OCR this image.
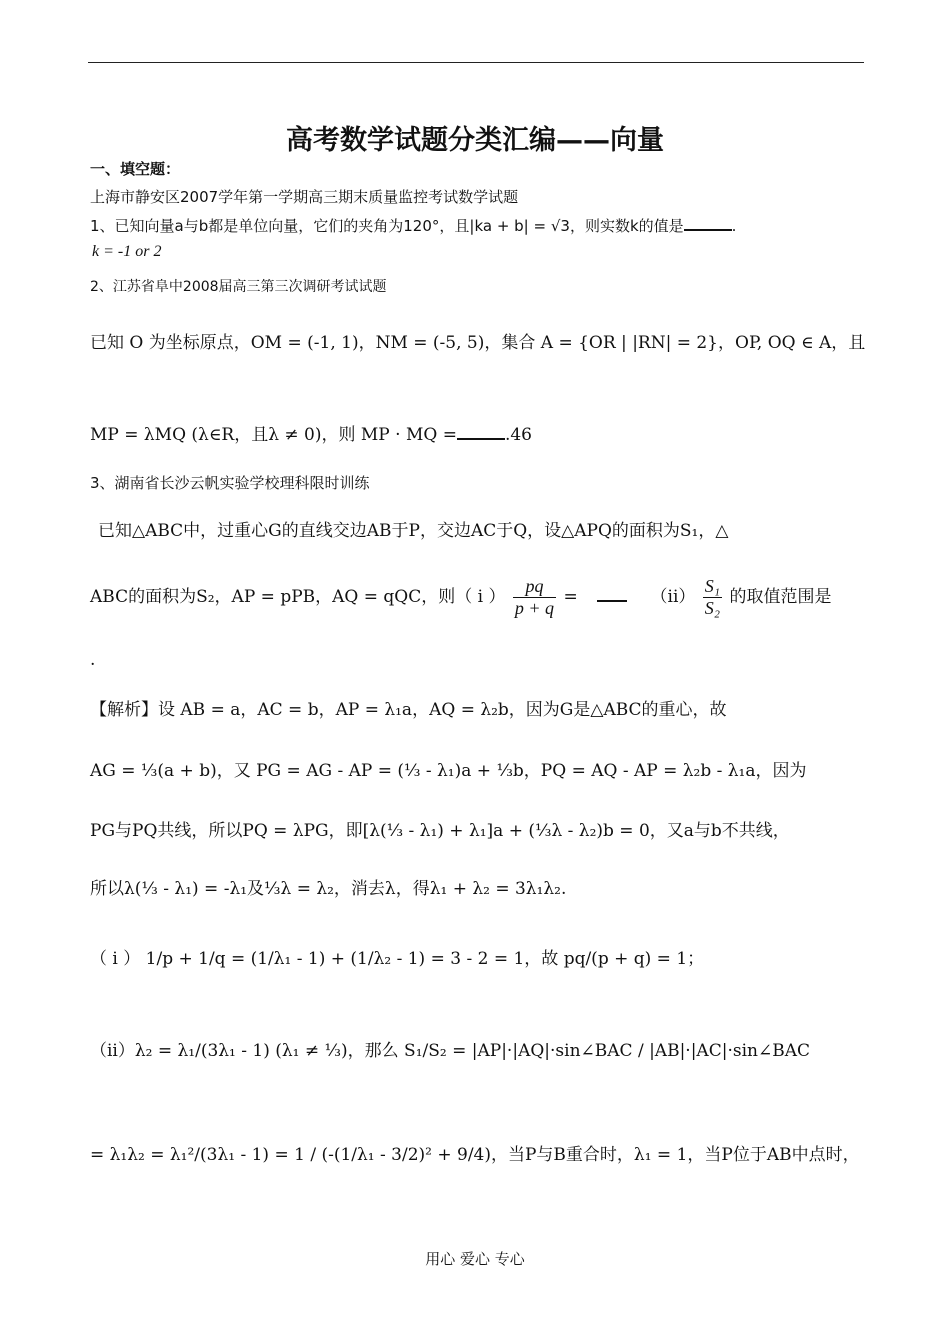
高考数学试题分类汇编——向量
一、填空题：
上海市静安区2007学年第一学期高三期末质量监控考试数学试题
1、已知向量a与b都是单位向量，它们的夹角为120°，且|ka + b| = √3，则实数k的值是	.
k = -1 or 2
2、江苏省阜中2008届高三第三次调研考试试题
已知 O 为坐标原点，OM = (-1, 1)，NM = (-5, 5)，集合 A = {OR | |RN| = 2}，OP, OQ ∈ A，且
MP = λMQ (λ∈R，且λ ≠ 0)，则 MP · MQ =	.46
3、湖南省长沙云帆实验学校理科限时训练
已知△ABC中，过重心G的直线交边AB于P，交边AC于Q，设△APQ的面积为S₁，△
ABC的面积为S₂，AP = pPB，AQ = qQC，则（ i ） $\frac{pq}{p + q}$ =	$(ii) \frac{\text{S₁}}{\text{S₂}}$ 的取值范围是
.
【解析】设 AB = a，AC = b，AP = λ₁a，AQ = λ₂b，因为G是△ABC的重心，故
AG = ⅓(a + b)，又 PG = AG - AP = (⅓ - λ₁)a + ⅓b，PQ = AQ - AP = λ₂b - λ₁a，因为
PG与PQ共线，所以PQ = λPG，即[λ(⅓ - λ₁) + λ₁]a + (⅓λ - λ₂)b = 0，又a与b不共线，
所以λ(⅓ - λ₁) = -λ₁及⅓λ = λ₂，消去λ，得λ₁ + λ₂ = 3λ₁λ₂.
（ i ） 1/p + 1/q = (1/λ₁ - 1) + (1/λ₂ - 1) = 3 - 2 = 1，故 pq/(p + q) = 1；
（ii）λ₂ = λ₁/(3λ₁ - 1) (λ₁ ≠ ⅓)，那么 S₁/S₂ = |AP|·|AQ|·sin∠BAC / |AB|·|AC|·sin∠BAC
= λ₁λ₂ = λ₁²/(3λ₁ - 1) = 1 / (-(1/λ₁ - 3/2)² + 9/4)，当P与B重合时，λ₁ = 1，当P位于AB中点时，
用心 爱心 专心
